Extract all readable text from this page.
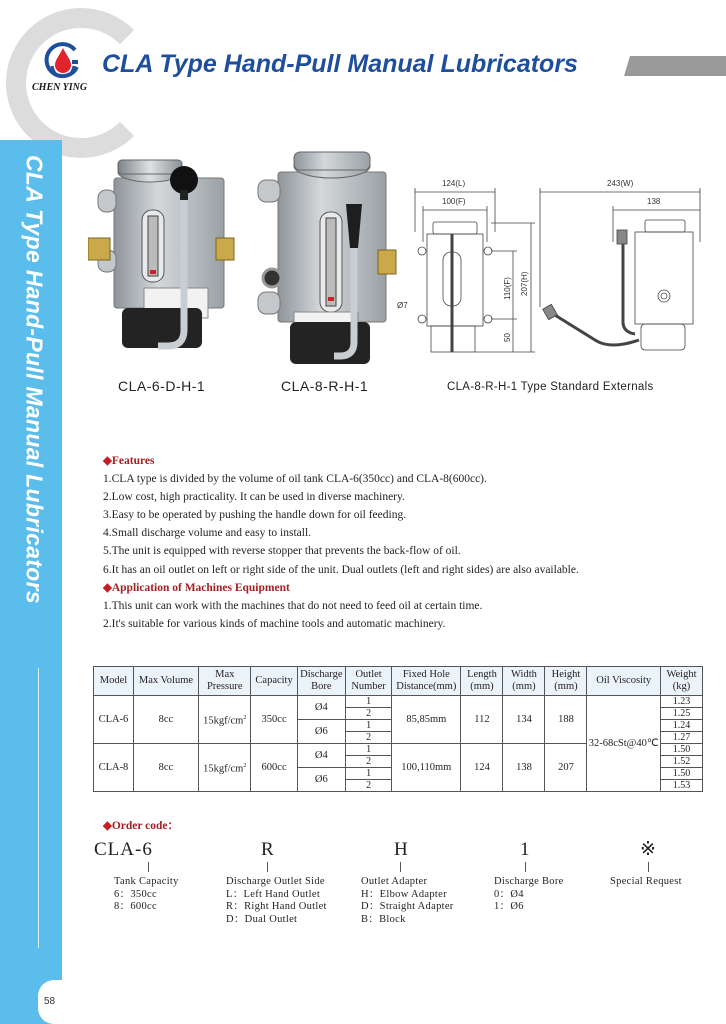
CLA Type Hand-Pull Manual Lubricators
58
CHEN YING
CLA Type Hand-Pull Manual Lubricators
CLA-6-D-H-1	CLA-8-R-H-1
124(L)
100(F)
Ø7
110(F) 207(H)
50
243(W)
138
CLA-8-R-H-1 Type Standard Externals
◆Features
1.CLA type is divided by the volume of oil tank CLA-6(350cc) and CLA-8(600cc).
2.Low cost, high practicality. It can be used in diverse machinery.
3.Easy to be operated by pushing the handle down for oil feeding.
4.Small discharge volume and easy to install.
5.The unit is equipped with reverse stopper that prevents the back-flow of oil.
6.It has an oil outlet on left or right side of the unit. Dual outlets (left and right sides) are also available.
◆Application of Machines Equipment
1.This unit can work with the machines that do not need to feed oil at certain time.
2.It's suitable for various kinds of machine tools and automatic machinery.
Model	Max Volume	Max Pressure	Capacity	Discharge Bore	Outlet Number	Fixed Hole Distance(mm)	Length (mm)	Width (mm)	Height (mm)	Oil Viscosity	Weight (kg)
CLA-6	8cc	$15kgf/cm^2$	350cc	Ø4	1	85,85mm	112	134	188	32-68cSt@40℃	1.23
					2						1.25
				Ø6	1						1.24
					2						1.27
CLA-8	8cc	$15kgf/cm^2$	600cc	Ø4	1	100,110mm	124	138	207		1.50
					2						1.52
				Ø6	1						1.50
					2						1.53
◆Order code：
CLA-6
Tank Capacity
6：350cc
8：600cc
R
Discharge Outlet Side
L：Left Hand Outlet
R：Right Hand Outlet
D：Dual Outlet
H
Outlet Adapter
H：Elbow Adapter
D：Straight Adapter
B：Block
1
Discharge Bore
0：Ø4
1：Ø6
※
Special Request
